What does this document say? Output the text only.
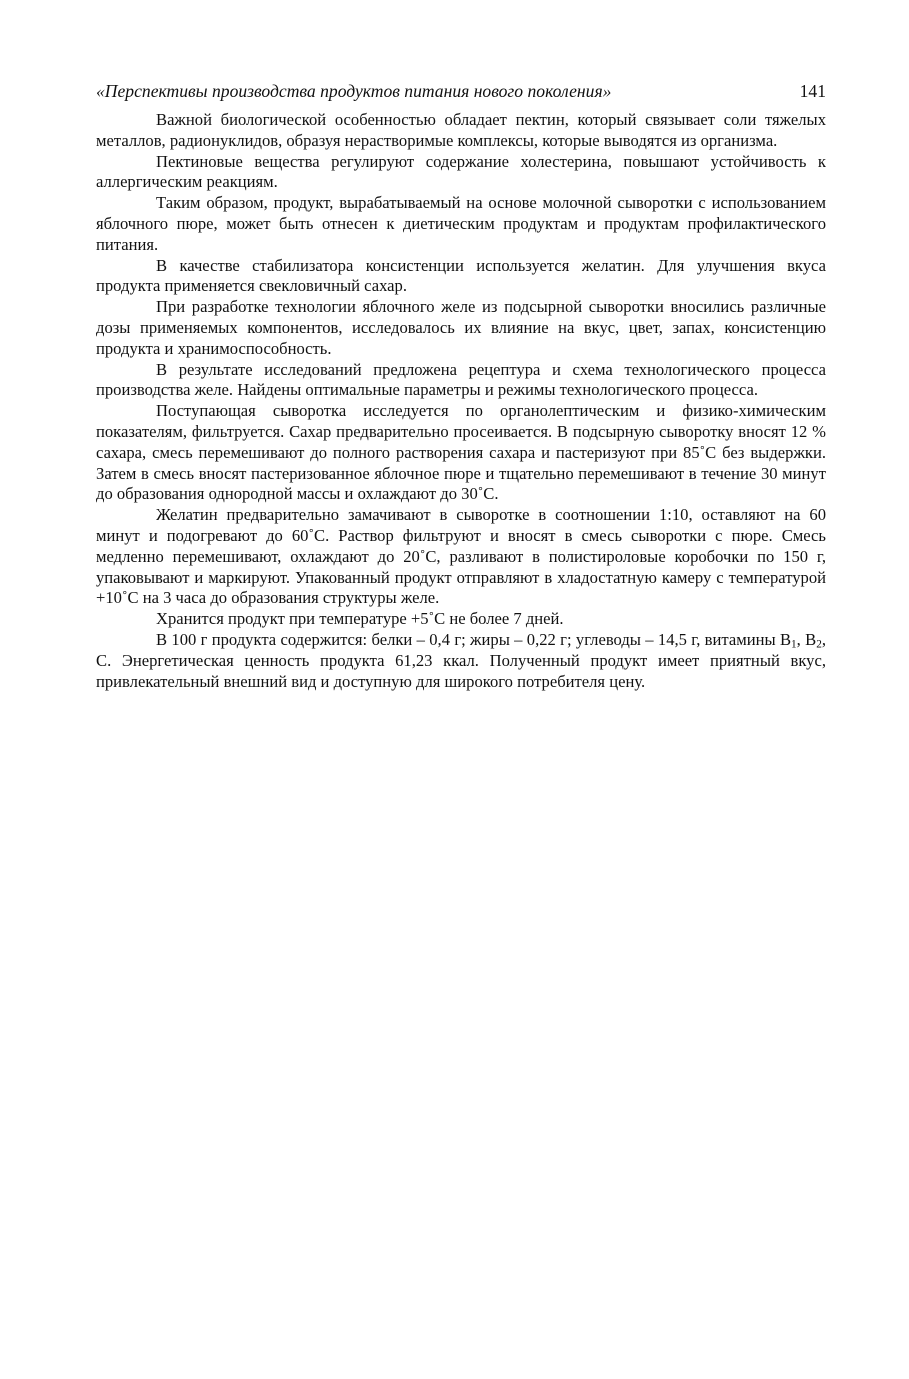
«Перспективы производства продуктов питания нового поколения»	141

Важной биологической особенностью обладает пектин, который связывает соли тяжелых металлов, радионуклидов, образуя нерастворимые комплексы, которые выводятся из организма.

Пектиновые вещества регулируют содержание холестерина, повышают устойчивость к аллергическим реакциям.

Таким образом, продукт, вырабатываемый на основе молочной сыворотки с использованием яблочного пюре, может быть отнесен к диетическим продуктам и продуктам профилактического питания.

В качестве стабилизатора консистенции используется желатин. Для улучшения вкуса продукта применяется свекловичный сахар.

При разработке технологии яблочного желе из подсырной сыворотки вносились различные дозы применяемых компонентов, исследовалось их влияние на вкус, цвет, запах, консистенцию продукта и хранимоспособность.

В результате исследований предложена рецептура и схема технологического процесса производства желе. Найдены оптимальные параметры и режимы технологического процесса.

Поступающая сыворотка исследуется по органолептическим и физико-химическим показателям, фильтруется. Сахар предварительно просеивается. В подсырную сыворотку вносят 12 % сахара, смесь перемешивают до полного растворения сахара и пастеризуют при 85˚С без выдержки. Затем в смесь вносят пастеризованное яблочное пюре и тщательно перемешивают в течение 30 минут до образования однородной массы и охлаждают до 30˚С.

Желатин предварительно замачивают в сыворотке в соотношении 1:10, оставляют на 60 минут и подогревают до 60˚С. Раствор фильтруют и вносят в смесь сыворотки с пюре. Смесь медленно перемешивают, охлаждают до 20˚С, разливают в полистироловые коробочки по 150 г, упаковывают и маркируют. Упакованный продукт отправляют в хладостатную камеру с температурой +10˚С на 3 часа до образования структуры желе.

Хранится продукт при температуре +5˚С не более 7 дней.

В 100 г продукта содержится: белки – 0,4 г; жиры – 0,22 г; углеводы – 14,5 г, витамины $В_1$, $В_2$, С. Энергетическая ценность продукта 61,23 ккал. Полученный продукт имеет приятный вкус, привлекательный внешний вид и доступную для широкого потребителя цену.
